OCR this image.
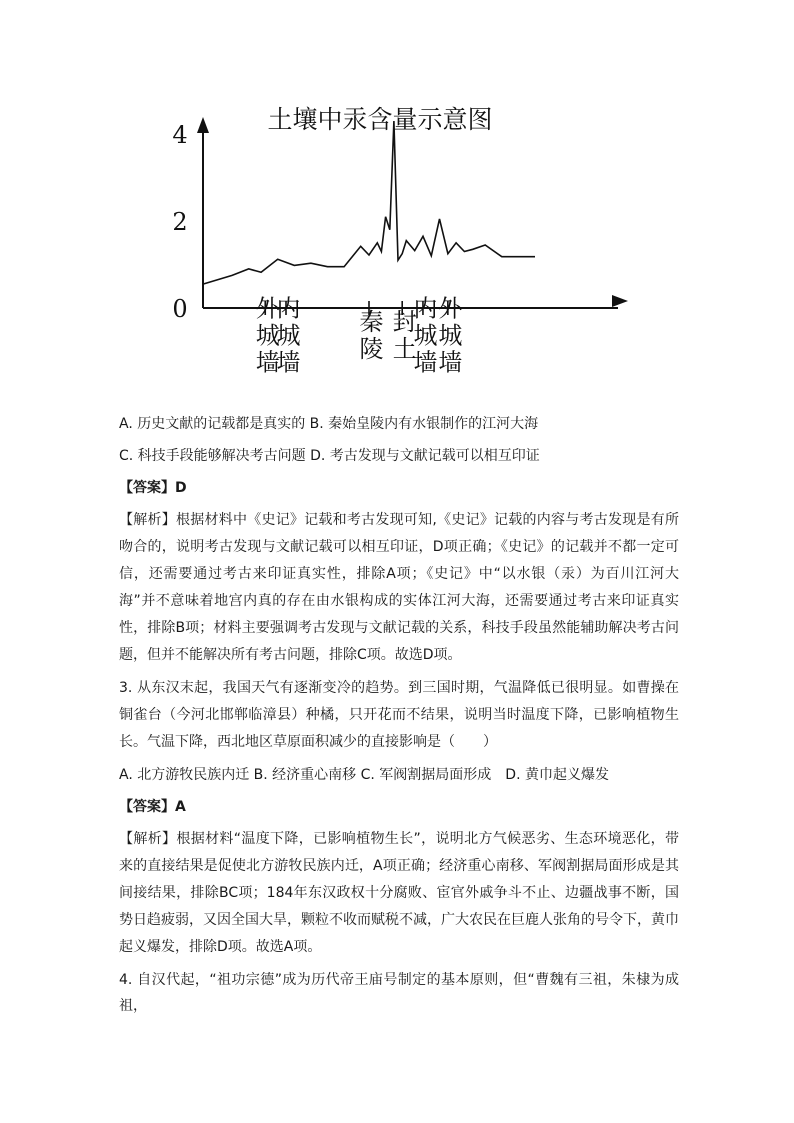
土壤中汞含量示意图
0
2
4
外城墙
内城墙 秦陵 封土
内城墙
外城墙

A. 历史文献的记载都是真实的 B. 秦始皇陵内有水银制作的江河大海

C. 科技手段能够解决考古问题 D. 考古发现与文献记载可以相互印证

【答案】D

【解析】根据材料中《史记》记载和考古发现可知,《史记》记载的内容与考古发现是有所吻合的，说明考古发现与文献记载可以相互印证，D项正确；《史记》的记载并不都一定可信，还需要通过考古来印证真实性，排除A项；《史记》中“以水银（汞）为百川江河大海”并不意味着地宫内真的存在由水银构成的实体江河大海，还需要通过考古来印证真实性，排除B项；材料主要强调考古发现与文献记载的关系，科技手段虽然能辅助解决考古问题，但并不能解决所有考古问题，排除C项。故选D项。

3. 从东汉末起，我国天气有逐渐变冷的趋势。到三国时期，气温降低已很明显。如曹操在铜雀台（今河北邯郸临漳县）种橘，只开花而不结果，说明当时温度下降，已影响植物生长。气温下降，西北地区草原面积减少的直接影响是（　　）

A. 北方游牧民族内迁 B. 经济重心南移 C. 军阀割据局面形成　D. 黄巾起义爆发

【答案】A

【解析】根据材料“温度下降，已影响植物生长”，说明北方气候恶劣、生态环境恶化，带来的直接结果是促使北方游牧民族内迁，A项正确；经济重心南移、军阀割据局面形成是其间接结果，排除BC项；184年东汉政权十分腐败、宦官外戚争斗不止、边疆战事不断，国势日趋疲弱，又因全国大旱，颗粒不收而赋税不减，广大农民在巨鹿人张角的号令下，黄巾起义爆发，排除D项。故选A项。

4. 自汉代起，“祖功宗德”成为历代帝王庙号制定的基本原则，但“曹魏有三祖，朱棣为成祖，
